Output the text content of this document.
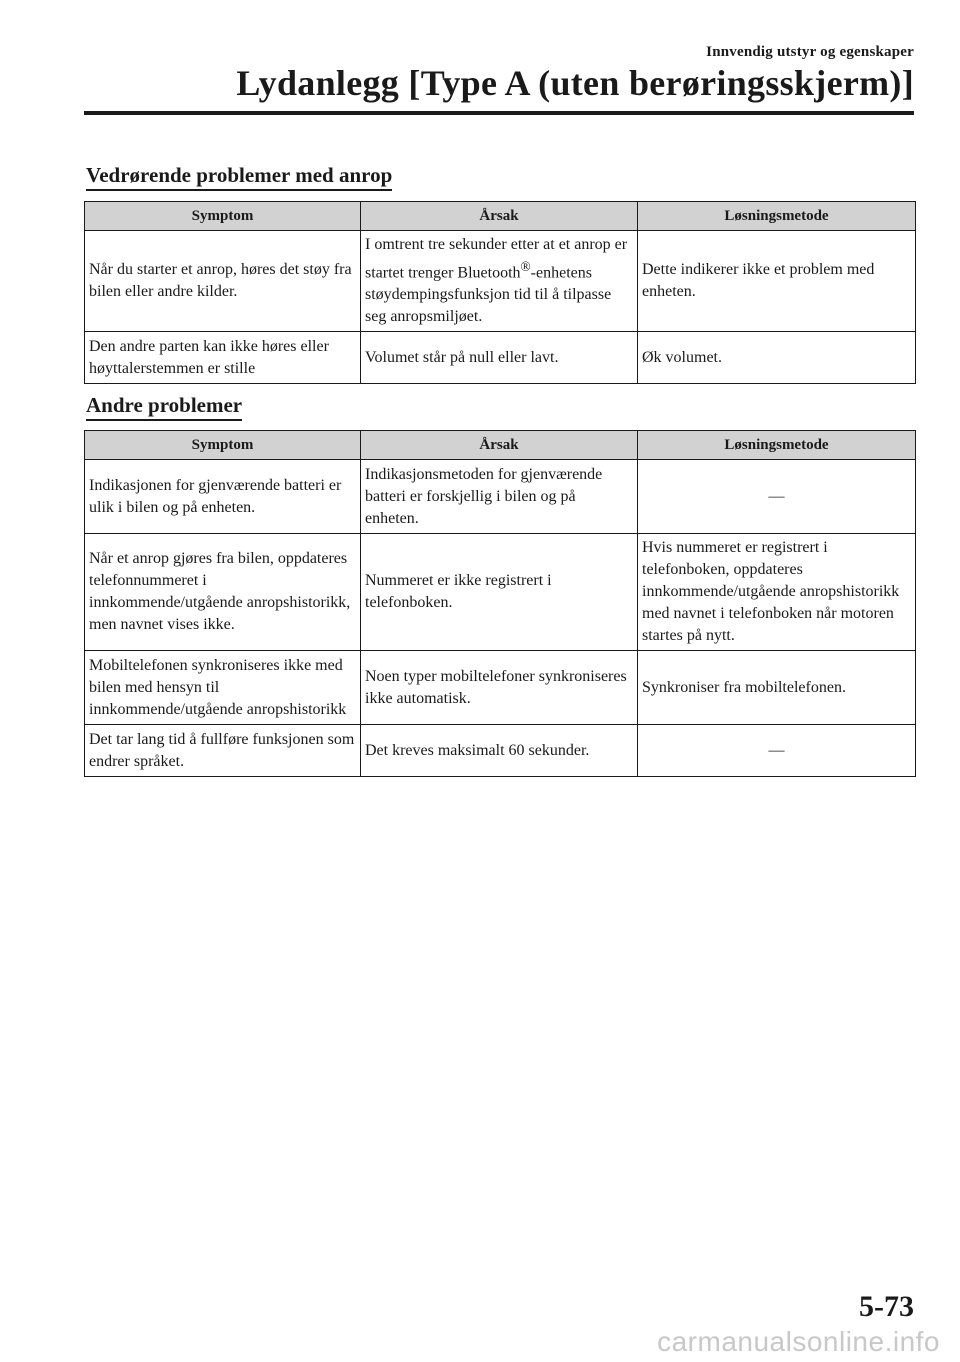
Innvendig utstyr og egenskaper
Lydanlegg [Type A (uten berøringsskjerm)]
Vedrørende problemer med anrop
Symptom	Årsak	Løsningsmetode
Når du starter et anrop, høres det støy fra bilen eller andre kilder.	I omtrent tre sekunder etter at et anrop er startet trenger Bluetooth®-enhetens støydempingsfunksjon tid til å tilpasse seg anropsmiljøet.	Dette indikerer ikke et problem med enheten.
Den andre parten kan ikke høres eller høyttalerstemmen er stille	Volumet står på null eller lavt.	Øk volumet.
Andre problemer
Symptom	Årsak	Løsningsmetode
Indikasjonen for gjenværende batteri er ulik i bilen og på enheten.	Indikasjonsmetoden for gjenværende batteri er forskjellig i bilen og på enheten.	―
Når et anrop gjøres fra bilen, oppdateres telefonnummeret i innkommende/utgående anropshistorikk, men navnet vises ikke.	Nummeret er ikke registrert i telefonboken.	Hvis nummeret er registrert i telefonboken, oppdateres innkommende/utgående anropshistorikk med navnet i telefonboken når motoren startes på nytt.
Mobiltelefonen synkroniseres ikke med bilen med hensyn til innkommende/utgående anropshistorikk	Noen typer mobiltelefoner synkroniseres ikke automatisk.	Synkroniser fra mobiltelefonen.
Det tar lang tid å fullføre funksjonen som endrer språket.	Det kreves maksimalt 60 sekunder.	―
5-73
carmanualsonline.info
